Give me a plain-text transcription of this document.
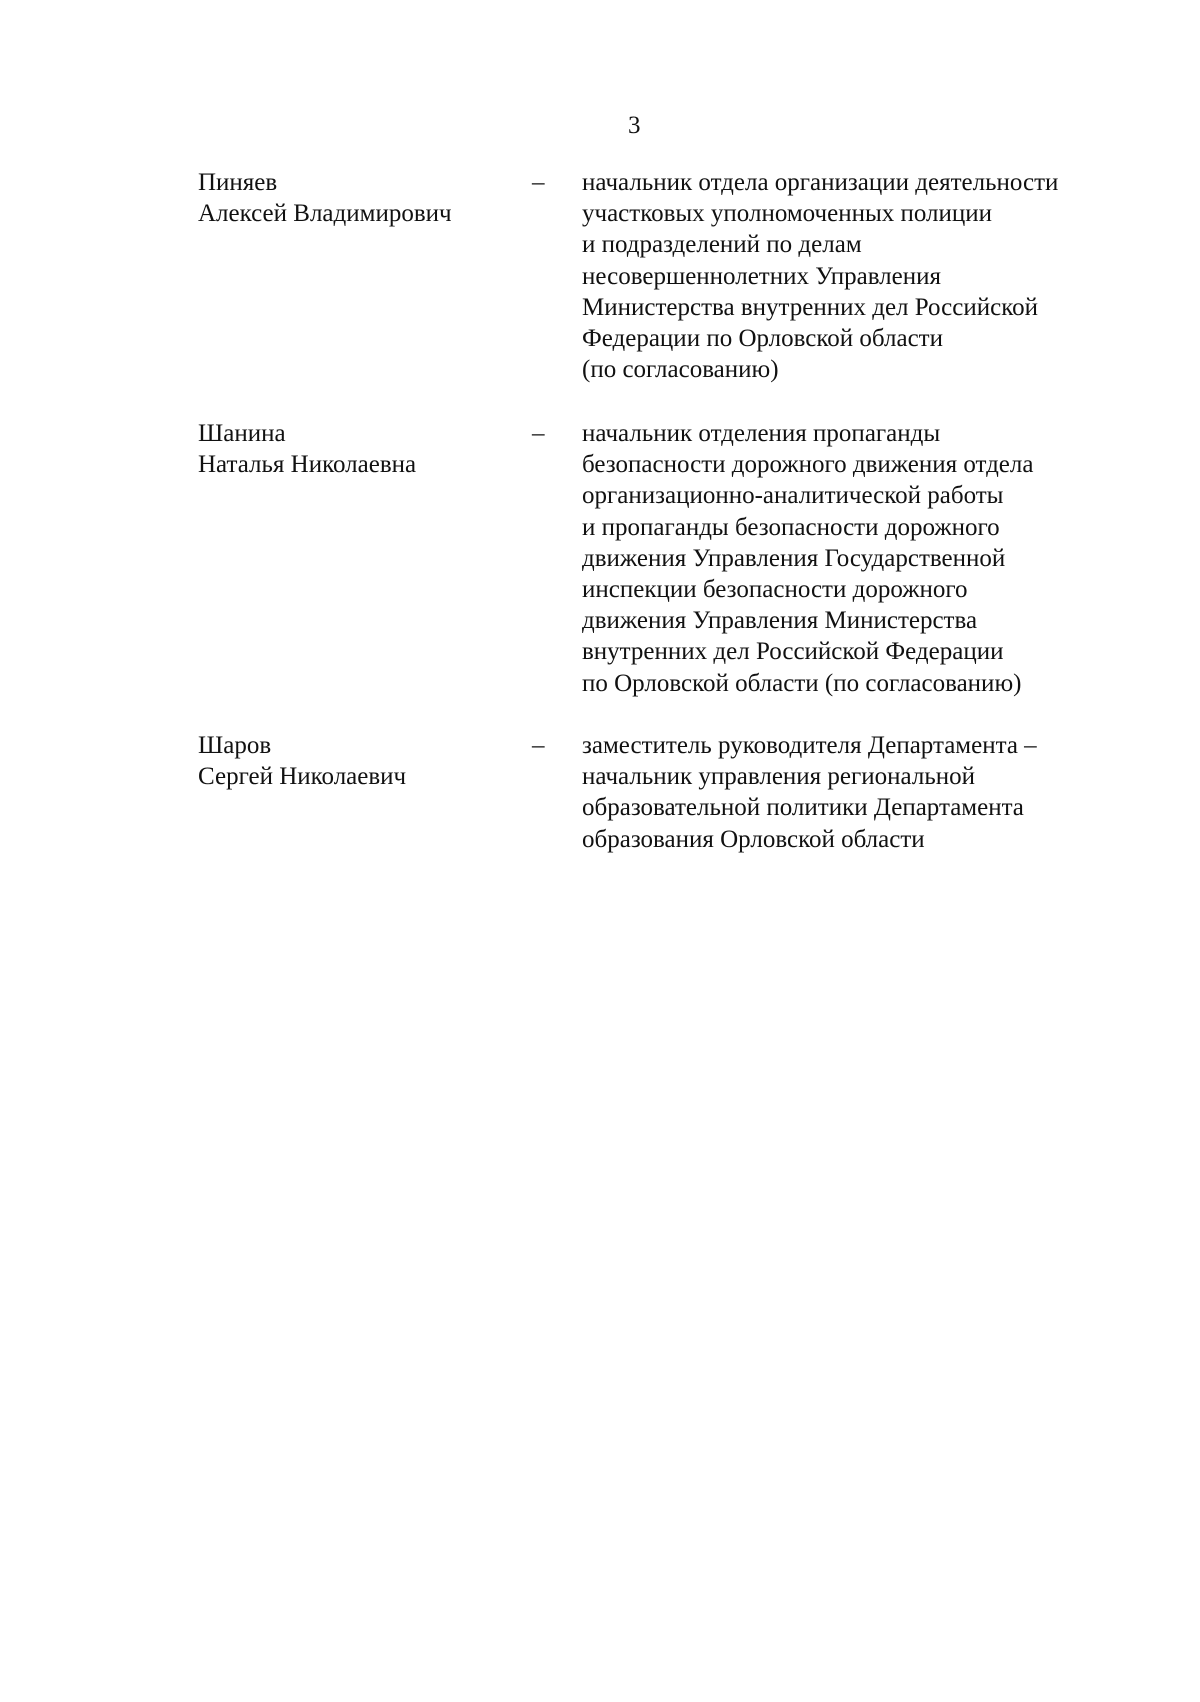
3
Пиняев
Алексей Владимирович
– начальник отдела организации деятельности
участковых уполномоченных полиции
и подразделений по делам
несовершеннолетних Управления
Министерства внутренних дел Российской
Федерации по Орловской области
(по согласованию)
Шанина
Наталья Николаевна
– начальник отделения пропаганды
безопасности дорожного движения отдела
организационно-аналитической работы
и пропаганды безопасности дорожного
движения Управления Государственной
инспекции безопасности дорожного
движения Управления Министерства
внутренних дел Российской Федерации
по Орловской области (по согласованию)
Шаров
Сергей Николаевич
– заместитель руководителя Департамента –
начальник управления региональной
образовательной политики Департамента
образования Орловской области
